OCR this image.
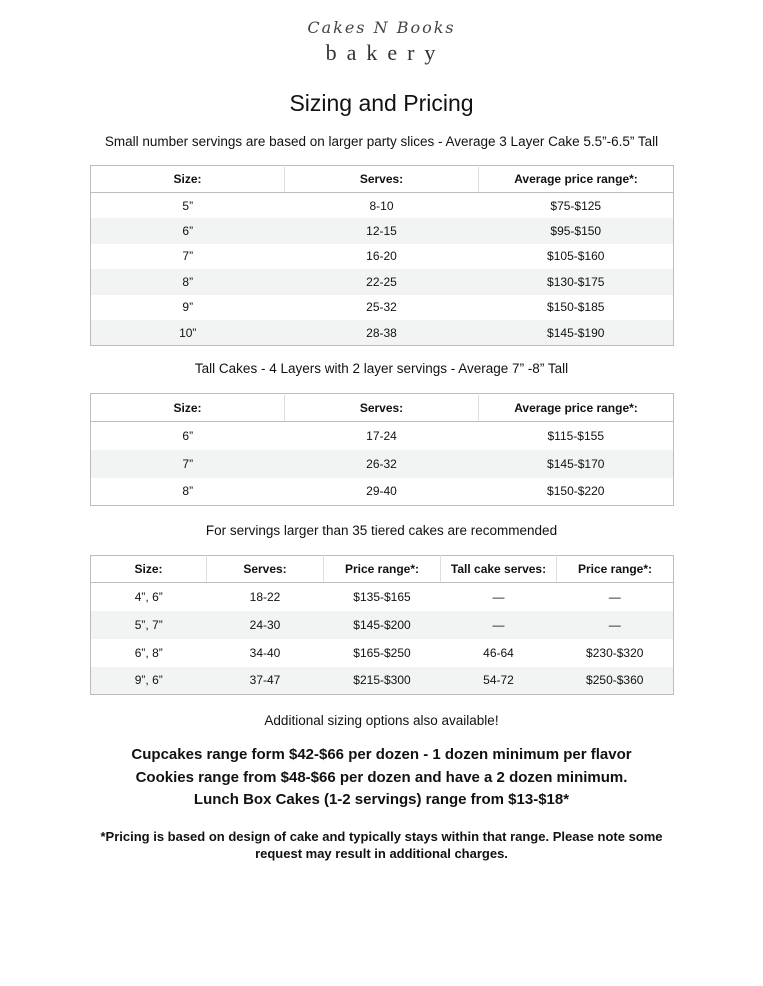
Cakes N Books
bakery
Sizing and Pricing
Small number servings are based on larger party slices - Average 3 Layer Cake 5.5”-6.5” Tall
Size:	Serves:	Average price range*:
5”	8-10	$75-$125
6”	12-15	$95-$150
7”	16-20	$105-$160
8”	22-25	$130-$175
9”	25-32	$150-$185
10”	28-38	$145-$190
Tall Cakes - 4 Layers with 2 layer servings - Average 7” -8” Tall
Size:	Serves:	Average price range*:
6”	17-24	$115-$155
7”	26-32	$145-$170
8”	29-40	$150-$220
For servings larger than 35 tiered cakes are recommended
Size:	Serves:	Price range*:	Tall cake serves:	Price range*:
4”, 6”	18-22	$135-$165	—	—
5”, 7”	24-30	$145-$200	—	—
6”, 8”	34-40	$165-$250	46-64	$230-$320
9”, 6”	37-47	$215-$300	54-72	$250-$360
Additional sizing options also available!
Cupcakes range form $42-$66 per dozen - 1 dozen minimum per flavor
Cookies range from $48-$66 per dozen and have a 2 dozen minimum.
Lunch Box Cakes (1-2 servings) range from $13-$18*
*Pricing is based on design of cake and typically stays within that range. Please note some request may result in additional charges.
